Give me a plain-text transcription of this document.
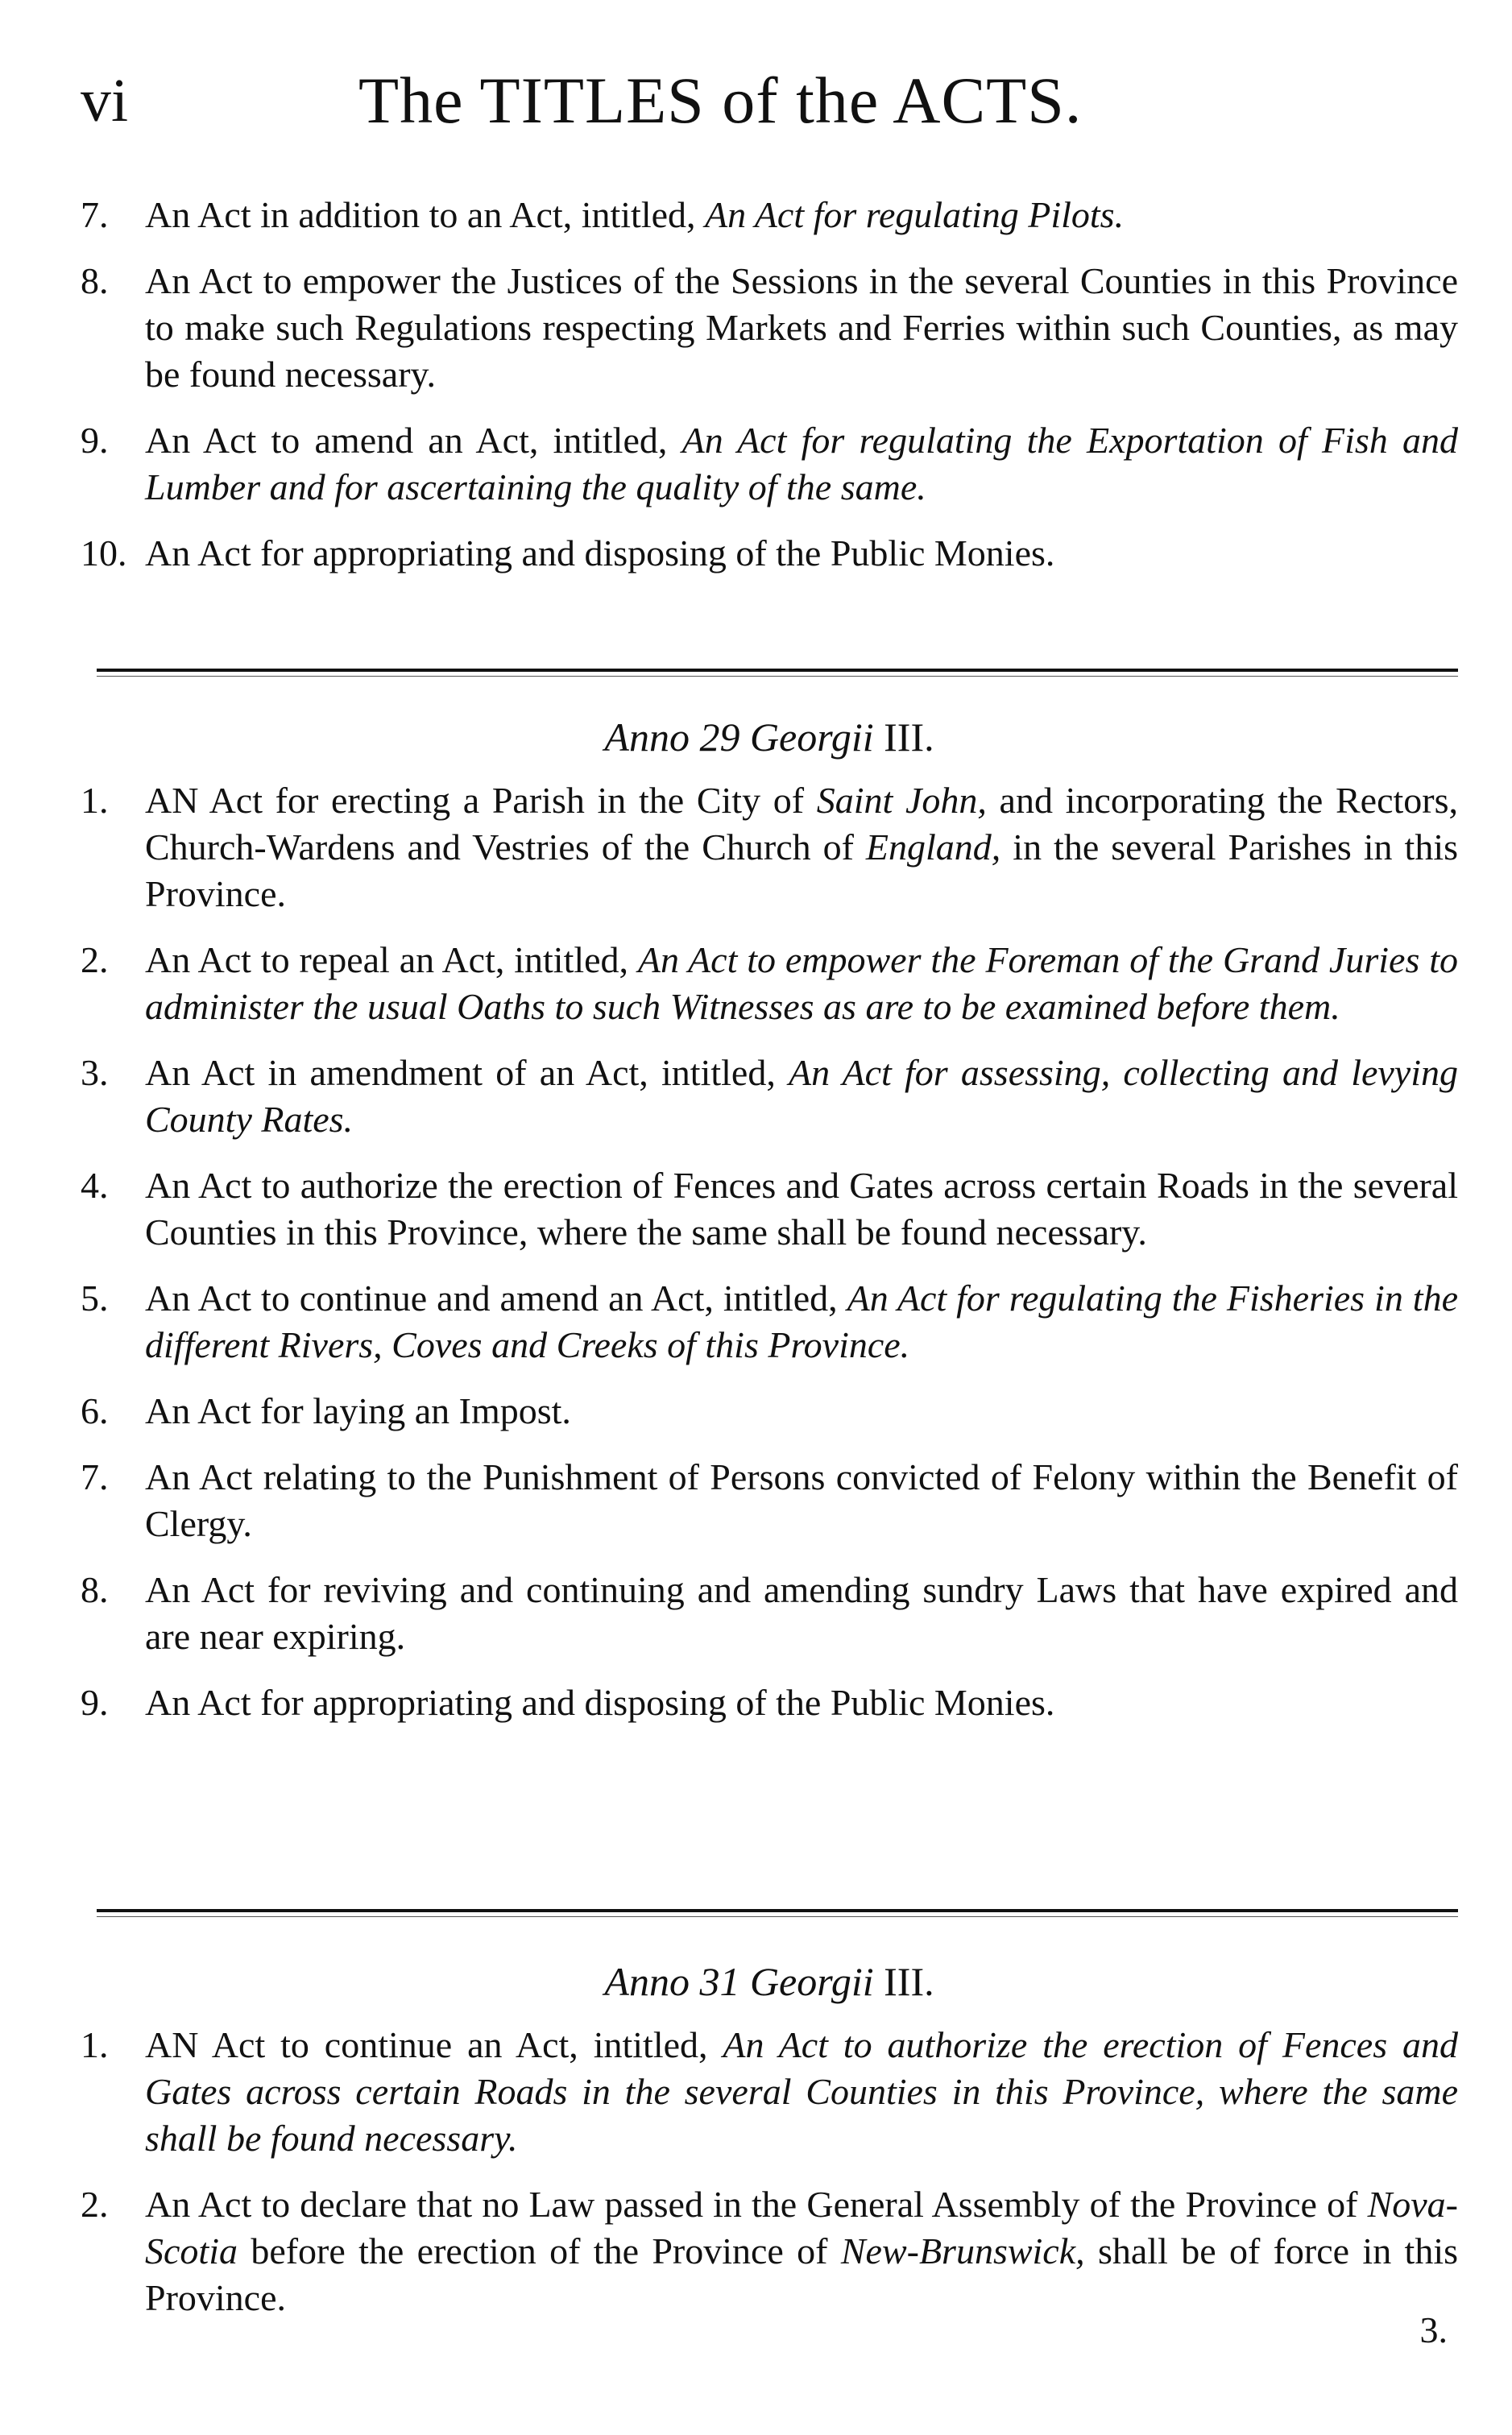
vi	The TITLES of the ACTS.
7. An Act in addition to an Act, intitled, An Act for regulating Pilots.
8. An Act to empower the Justices of the Sessions in the several Counties in this Province to make such Regulations respecting Markets and Ferries within such Counties, as may be found necessary.
9. An Act to amend an Act, intitled, An Act for regulating the Exportation of Fish and Lumber and for ascertaining the quality of the same.
10. An Act for appropriating and disposing of the Public Monies.
Anno 29 Georgii III.
1. AN Act for erecting a Parish in the City of Saint John, and incorporating the Rectors, Church-Wardens and Vestries of the Church of England, in the several Parishes in this Province.
2. An Act to repeal an Act, intitled, An Act to empower the Foreman of the Grand Juries to administer the usual Oaths to such Witnesses as are to be examined before them.
3. An Act in amendment of an Act, intitled, An Act for assessing, collecting and levying County Rates.
4. An Act to authorize the erection of Fences and Gates across certain Roads in the several Counties in this Province, where the same shall be found necessary.
5. An Act to continue and amend an Act, intitled, An Act for regulating the Fisheries in the different Rivers, Coves and Creeks of this Province.
6. An Act for laying an Impost.
7. An Act relating to the Punishment of Persons convicted of Felony within the Benefit of Clergy.
8. An Act for reviving and continuing and amending sundry Laws that have expired and are near expiring.
9. An Act for appropriating and disposing of the Public Monies.
Anno 31 Georgii III.
1. AN Act to continue an Act, intitled, An Act to authorize the erection of Fences and Gates across certain Roads in the several Counties in this Province, where the same shall be found necessary.
2. An Act to declare that no Law passed in the General Assembly of the Province of Nova-Scotia before the erection of the Province of New-Brunswick, shall be of force in this Province.
3.
